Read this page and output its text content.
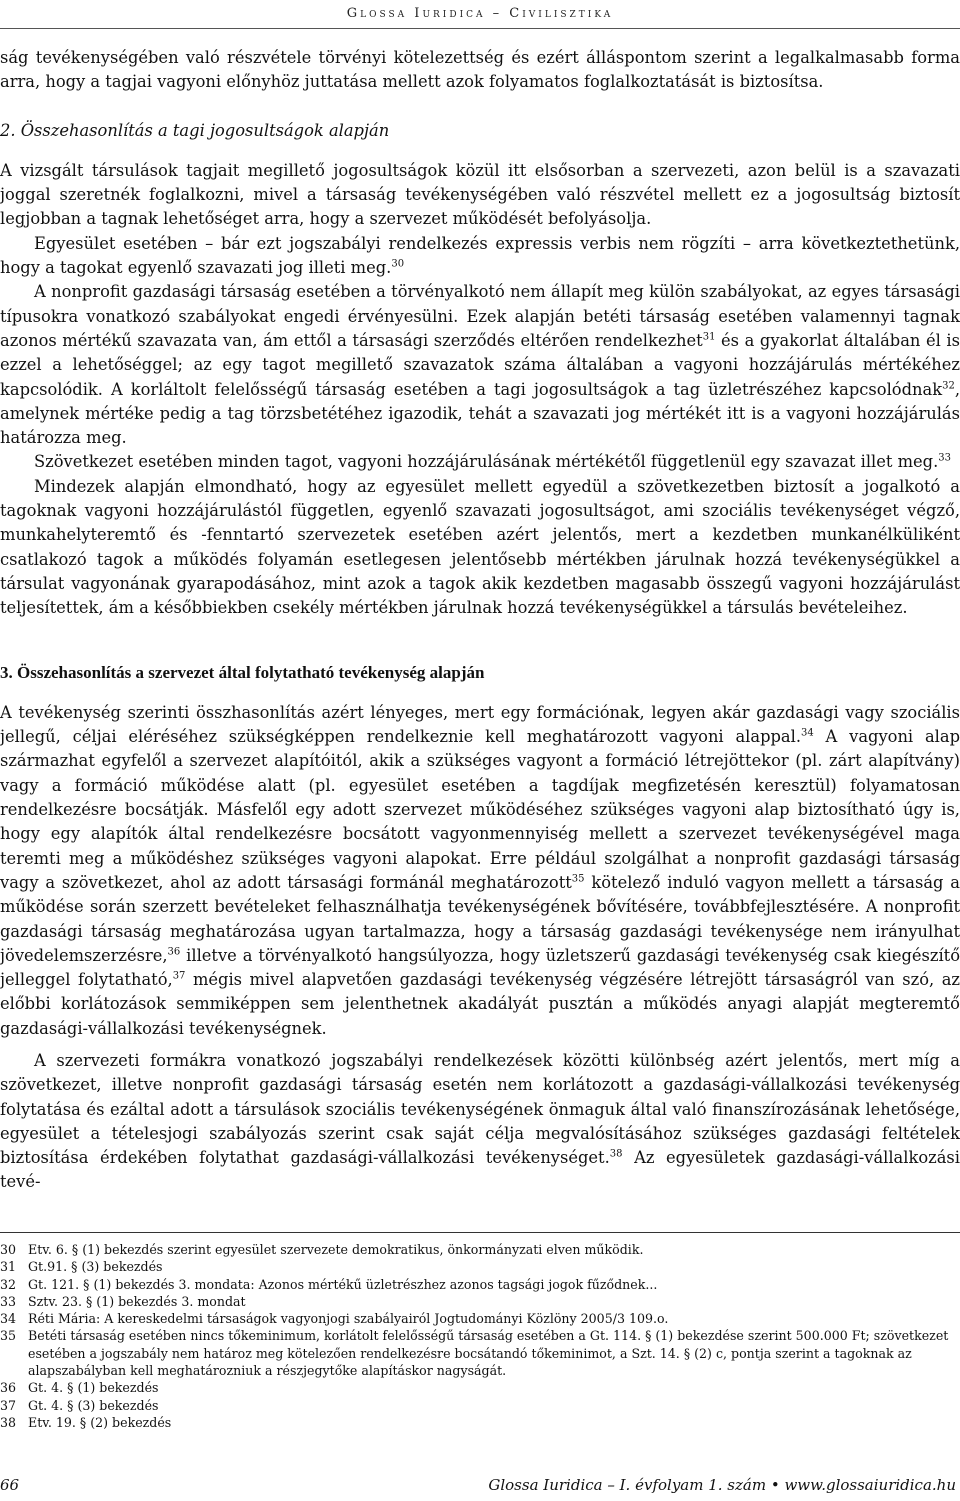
Glossa Iuridica – Civilisztika

ság tevékenységében való részvétele törvényi kötelezettség és ezért álláspontom szerint a legalkalmasabb forma arra, hogy a tagjai vagyoni előnyhöz juttatása mellett azok folyamatos foglalkoztatását is biztosítsa.

2. Összehasonlítás a tagi jogosultságok alapján

A vizsgált társulások tagjait megillető jogosultságok közül itt elsősorban a szervezeti, azon belül is a szavazati joggal szeretnék foglalkozni, mivel a társaság tevékenységében való részvétel mellett ez a jogosultság biztosít legjobban a tagnak lehetőséget arra, hogy a szervezet működését befolyásolja.

Egyesület esetében – bár ezt jogszabályi rendelkezés expressis verbis nem rögzíti – arra következtethetünk, hogy a tagokat egyenlő szavazati jog illeti meg.$^{30}$

A nonprofit gazdasági társaság esetében a törvényalkotó nem állapít meg külön szabályokat, az egyes társasági típusokra vonatkozó szabályokat engedi érvényesülni. Ezek alapján betéti társaság esetében valamennyi tagnak azonos mértékű szavazata van, ám ettől a társasági szerződés eltérően rendelkezhet$^{31}$ és a gyakorlat általában él is ezzel a lehetőséggel; az egy tagot megillető szavazatok száma általában a vagyoni hozzájárulás mértékéhez kapcsolódik. A korláltolt felelősségű társaság esetében a tagi jogosultságok a tag üzletrészéhez kapcsolódnak$^{32}$, amelynek mértéke pedig a tag törzsbetétéhez igazodik, tehát a szavazati jog mértékét itt is a vagyoni hozzájárulás határozza meg.

Szövetkezet esetében minden tagot, vagyoni hozzájárulásának mértékétől függetlenül egy szavazat illet meg.$^{33}$

Mindezek alapján elmondható, hogy az egyesület mellett egyedül a szövetkezetben biztosít a jogalkotó a tagoknak vagyoni hozzájárulástól független, egyenlő szavazati jogosultságot, ami szociális tevékenységet végző, munkahelyteremtő és -fenntartó szervezetek esetében azért jelentős, mert a kezdetben munkanélküliként csatlakozó tagok a működés folyamán esetlegesen jelentősebb mértékben járulnak hozzá tevékenységükkel a társulat vagyonának gyarapodásához, mint azok a tagok akik kezdetben magasabb összegű vagyoni hozzájárulást teljesítettek, ám a későbbiekben csekély mértékben járulnak hozzá tevékenységükkel a társulás bevételeihez.

3. Összehasonlítás a szervezet által folytatható tevékenység alapján

A tevékenység szerinti összhasonlítás azért lényeges, mert egy formációnak, legyen akár gazdasági vagy szociális jellegű, céljai eléréséhez szükségképpen rendelkeznie kell meghatározott vagyoni alappal.$^{34}$ A vagyoni alap származhat egyfelől a szervezet alapítóitól, akik a szükséges vagyont a formáció létrejöttekor (pl. zárt alapítvány) vagy a formáció működése alatt (pl. egyesület esetében a tagdíjak megfizetésén keresztül) folyamatosan rendelkezésre bocsátják. Másfelől egy adott szervezet működéséhez szükséges vagyoni alap biztosítható úgy is, hogy egy alapítók által rendelkezésre bocsátott vagyonmennyiség mellett a szervezet tevékenységével maga teremti meg a működéshez szükséges vagyoni alapokat. Erre például szolgálhat a nonprofit gazdasági társaság vagy a szövetkezet, ahol az adott társasági formánál meghatározott$^{35}$ kötelező induló vagyon mellett a társaság a működése során szerzett bevételeket felhasználhatja tevékenységének bővítésére, továbbfejlesztésére. A nonprofit gazdasági társaság meghatározása ugyan tartalmazza, hogy a társaság gazdasági tevékenysége nem irányulhat jövedelemszerzésre,$^{36}$ illetve a törvényalkotó hangsúlyozza, hogy üzletszerű gazdasági tevékenység csak kiegészítő jelleggel folytatható,$^{37}$ mégis mivel alapvetően gazdasági tevékenység végzésére létrejött társaságról van szó, az előbbi korlátozások semmiképpen sem jelenthetnek akadályát pusztán a működés anyagi alapját megteremtő gazdasági-vállalkozási tevékenységnek.

A szervezeti formákra vonatkozó jogszabályi rendelkezések közötti különbség azért jelentős, mert míg a szövetkezet, illetve nonprofit gazdasági társaság esetén nem korlátozott a gazdasági-vállalkozási tevékenység folytatása és ezáltal adott a társulások szociális tevékenységének önmaguk által való finanszírozásának lehetősége, egyesület a tételesjogi szabályozás szerint csak saját célja megvalósításához szükséges gazdasági feltételek biztosítása érdekében folytathat gazdasági-vállalkozási tevékenységet.$^{38}$ Az egyesületek gazdasági-vállalkozási tevé-

30 Etv. 6. § (1) bekezdés szerint egyesület szervezete demokratikus, önkormányzati elven működik.
31 Gt.91. § (3) bekezdés
32 Gt. 121. § (1) bekezdés 3. mondata: Azonos mértékű üzletrészhez azonos tagsági jogok fűződnek...
33 Sztv. 23. § (1) bekezdés 3. mondat
34 Réti Mária: A kereskedelmi társaságok vagyonjogi szabályairól Jogtudományi Közlöny 2005/3 109.o.
35 Betéti társaság esetében nincs tőkeminimum, korlátolt felelősségű társaság esetében a Gt. 114. § (1) bekezdése szerint 500.000 Ft; szövetkezet esetében a jogszabály nem határoz meg kötelezően rendelkezésre bocsátandó tőkeminimot, a Szt. 14. § (2) c, pontja szerint a tagoknak az alapszabályban kell meghatározniuk a részjegytőke alapításkor nagyságát.
36 Gt. 4. § (1) bekezdés
37 Gt. 4. § (3) bekezdés
38 Etv. 19. § (2) bekezdés
66	Glossa Iuridica – I. évfolyam 1. szám • www.glossaiuridica.hu
